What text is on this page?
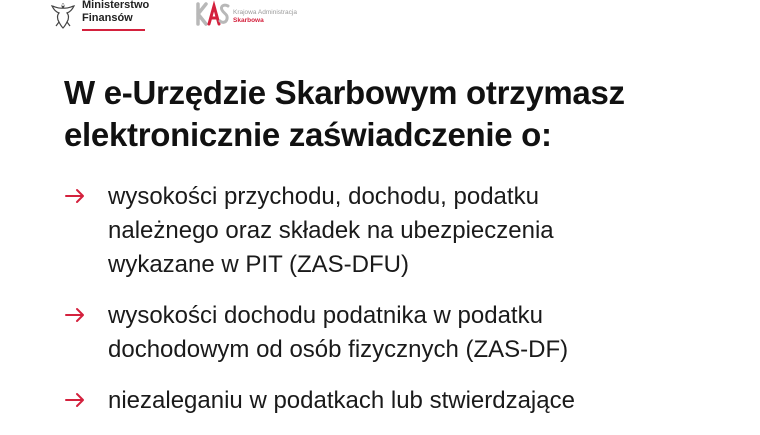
Ministerstwo
Finansów	Krajowa Administracja
Skarbowa
W e-Urzędzie Skarbowym otrzymasz
elektronicznie zaświadczenie o:
wysokości przychodu, dochodu, podatku
należnego oraz składek na ubezpieczenia
wykazane w PIT (ZAS-DFU)
wysokości dochodu podatnika w podatku
dochodowym od osób fizycznych (ZAS-DF)
niezaleganiu w podatkach lub stwierdzające
